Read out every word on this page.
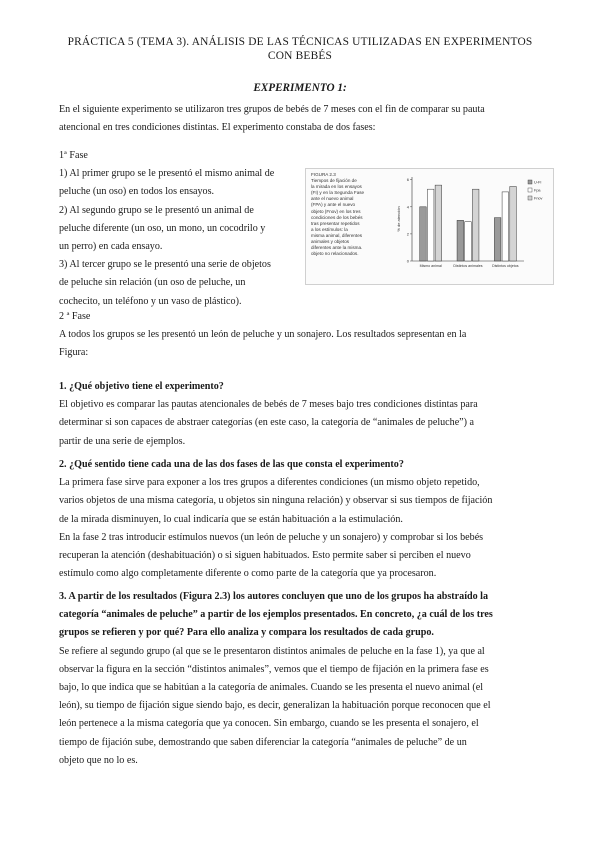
PRÁCTICA 5 (TEMA 3). ANÁLISIS DE LAS TÉCNICAS UTILIZADAS EN EXPERIMENTOS CON BEBÉS
EXPERIMENTO 1:
En el siguiente experimento se utilizaron tres grupos de bebés de 7 meses con el fin de comparar su pauta
atencional en tres condiciones distintas. El experimento constaba de dos fases:
1ª Fase
1) Al primer grupo se le presentó el mismo animal de
peluche (un oso) en todos los ensayos.
2) Al segundo grupo se le presentó un animal de
peluche diferente (un oso, un mono, un cocodrilo y
un perro) en cada ensayo.
3) Al tercer grupo se le presentó una serie de objetos
de peluche sin relación (un oso de peluche, un
cochecito, un teléfono y un vaso de plástico).
FIGURA 2.3
Tiempos de fijación de
la mirada en los ensayos
(FI) y en la Segunda Fase
ante el nuevo animal
(FPA) y ante el nuevo
objeto (Fnov) en los tres
condiciones de los bebés
tras presentar repetidos
a los estímulos: la
misma animal, diferentes
animales y objetos
diferentes ante la misma.
objeto no relacionados.
0
2
4
6
% de atención
Mismo animal	Distintos animales	Distintos objetos
U-FI
Fpa
Fnov
2 ª Fase
A todos los grupos se les presentó un león de peluche y un sonajero. Los resultados sepresentan en la
Figura:
1. ¿Qué objetivo tiene el experimento?
El objetivo es comparar las pautas atencionales de bebés de 7 meses bajo tres condiciones distintas para
determinar si son capaces de abstraer categorías (en este caso, la categoría de “animales de peluche”) a
partir de una serie de ejemplos.
2. ¿Qué sentido tiene cada una de las dos fases de las que consta el experimento?
La primera fase sirve para exponer a los tres grupos a diferentes condiciones (un mismo objeto repetido,
varios objetos de una misma categoría, u objetos sin ninguna relación) y observar si sus tiempos de fijación
de la mirada disminuyen, lo cual indicaría que se están habituación a la estimulación.
En la fase 2 tras introducir estímulos nuevos (un león de peluche y un sonajero) y comprobar si los bebés
recuperan la atención (deshabituación) o si siguen habituados. Esto permite saber si perciben el nuevo
estímulo como algo completamente diferente o como parte de la categoría que ya procesaron.
3. A partir de los resultados (Figura 2.3) los autores concluyen que uno de los grupos ha abstraído la
categoría “animales de peluche” a partir de los ejemplos presentados. En concreto, ¿a cuál de los tres
grupos se refieren y por qué? Para ello analiza y compara los resultados de cada grupo.
Se refiere al segundo grupo (al que se le presentaron distintos animales de peluche en la fase 1), ya que al
observar la figura en la sección “distintos animales”, vemos que el tiempo de fijación en la primera fase es
bajo, lo que indica que se habitúan a la categoría de animales. Cuando se les presenta el nuevo animal (el
león), su tiempo de fijación sigue siendo bajo, es decir, generalizan la habituación porque reconocen que el
león pertenece a la misma categoría que ya conocen. Sin embargo, cuando se les presenta el sonajero, el
tiempo de fijación sube, demostrando que saben diferenciar la categoría “animales de peluche” de un
objeto que no lo es.
